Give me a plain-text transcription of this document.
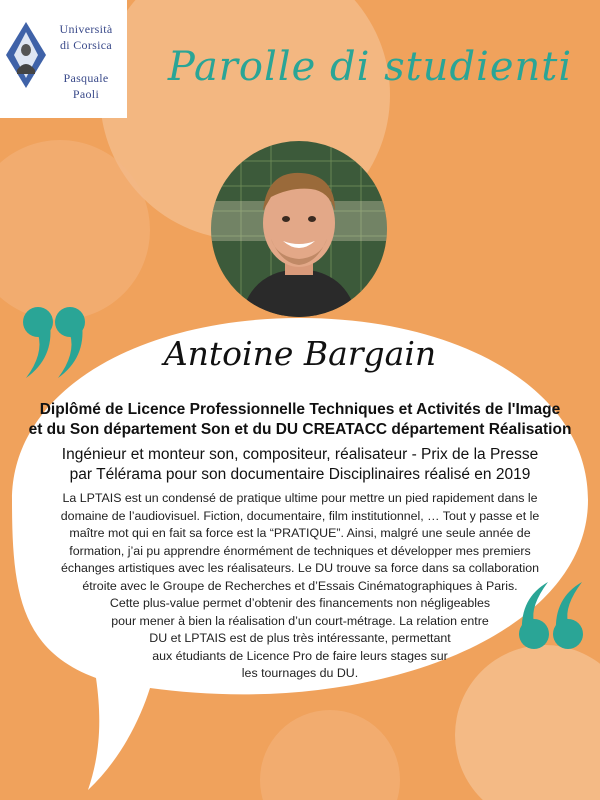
Università
di Corsica
Pasquale
Paoli
Parolle di studienti
Antoine Bargain
Diplômé de Licence Professionnelle Techniques et Activités de l'Image
et du Son département Son et du DU CREATACC département Réalisation
Ingénieur et monteur son, compositeur, réalisateur - Prix de la Presse
par Télérama pour son documentaire Disciplinaires réalisé en 2019
La LPTAIS est un condensé de pratique ultime pour mettre un pied rapidement dans le
domaine de l’audiovisuel. Fiction, documentaire, film institutionnel, … Tout y passe et le
maître mot qui en fait sa force est la “PRATIQUE”. Ainsi, malgré une seule année de
formation, j’ai pu apprendre énormément de techniques et développer mes premiers
échanges artistiques avec les réalisateurs. Le DU trouve sa force dans sa collaboration
étroite avec le Groupe de Recherches et d’Essais Cinématographiques à Paris.
Cette plus-value permet d’obtenir des financements non négligeables
pour mener à bien la réalisation d’un court-métrage. La relation entre
DU et LPTAIS est de plus très intéressante, permettant
aux étudiants de Licence Pro de faire leurs stages sur
les tournages du DU.
